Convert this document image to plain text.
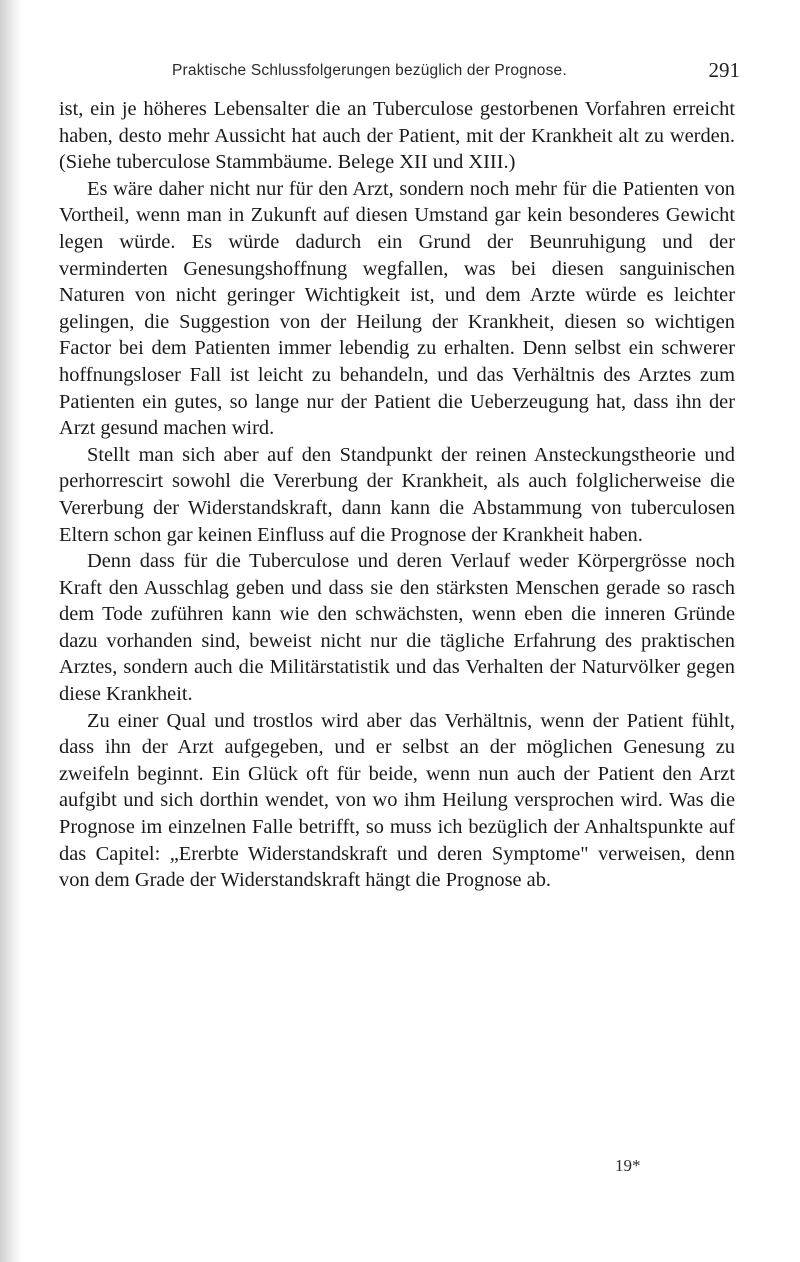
Praktische Schlussfolgerungen bezüglich der Prognose.	291

ist, ein je höheres Lebensalter die an Tuberculose gestorbenen Vorfahren erreicht haben, desto mehr Aussicht hat auch der Patient, mit der Krankheit alt zu werden. (Siehe tuberculose Stammbäume. Belege XII und XIII.)

Es wäre daher nicht nur für den Arzt, sondern noch mehr für die Patienten von Vortheil, wenn man in Zukunft auf diesen Umstand gar kein besonderes Gewicht legen würde. Es würde dadurch ein Grund der Beunruhigung und der verminderten Genesungshoffnung wegfallen, was bei diesen sanguinischen Naturen von nicht geringer Wichtigkeit ist, und dem Arzte würde es leichter gelingen, die Suggestion von der Heilung der Krankheit, diesen so wichtigen Factor bei dem Patienten immer lebendig zu erhalten. Denn selbst ein schwerer hoffnungsloser Fall ist leicht zu behandeln, und das Verhältnis des Arztes zum Patienten ein gutes, so lange nur der Patient die Ueberzeugung hat, dass ihn der Arzt gesund machen wird.

Stellt man sich aber auf den Standpunkt der reinen Ansteckungstheorie und perhorrescirt sowohl die Vererbung der Krankheit, als auch folglicherweise die Vererbung der Widerstandskraft, dann kann die Abstammung von tuberculosen Eltern schon gar keinen Einfluss auf die Prognose der Krankheit haben.

Denn dass für die Tuberculose und deren Verlauf weder Körpergrösse noch Kraft den Ausschlag geben und dass sie den stärksten Menschen gerade so rasch dem Tode zuführen kann wie den schwächsten, wenn eben die inneren Gründe dazu vorhanden sind, beweist nicht nur die tägliche Erfahrung des praktischen Arztes, sondern auch die Militärstatistik und das Verhalten der Naturvölker gegen diese Krankheit.

Zu einer Qual und trostlos wird aber das Verhältnis, wenn der Patient fühlt, dass ihn der Arzt aufgegeben, und er selbst an der möglichen Genesung zu zweifeln beginnt. Ein Glück oft für beide, wenn nun auch der Patient den Arzt aufgibt und sich dorthin wendet, von wo ihm Heilung versprochen wird. Was die Prognose im einzelnen Falle betrifft, so muss ich bezüglich der Anhaltspunkte auf das Capitel: „Ererbte Widerstandskraft und deren Symptome" verweisen, denn von dem Grade der Widerstandskraft hängt die Prognose ab.

19*
